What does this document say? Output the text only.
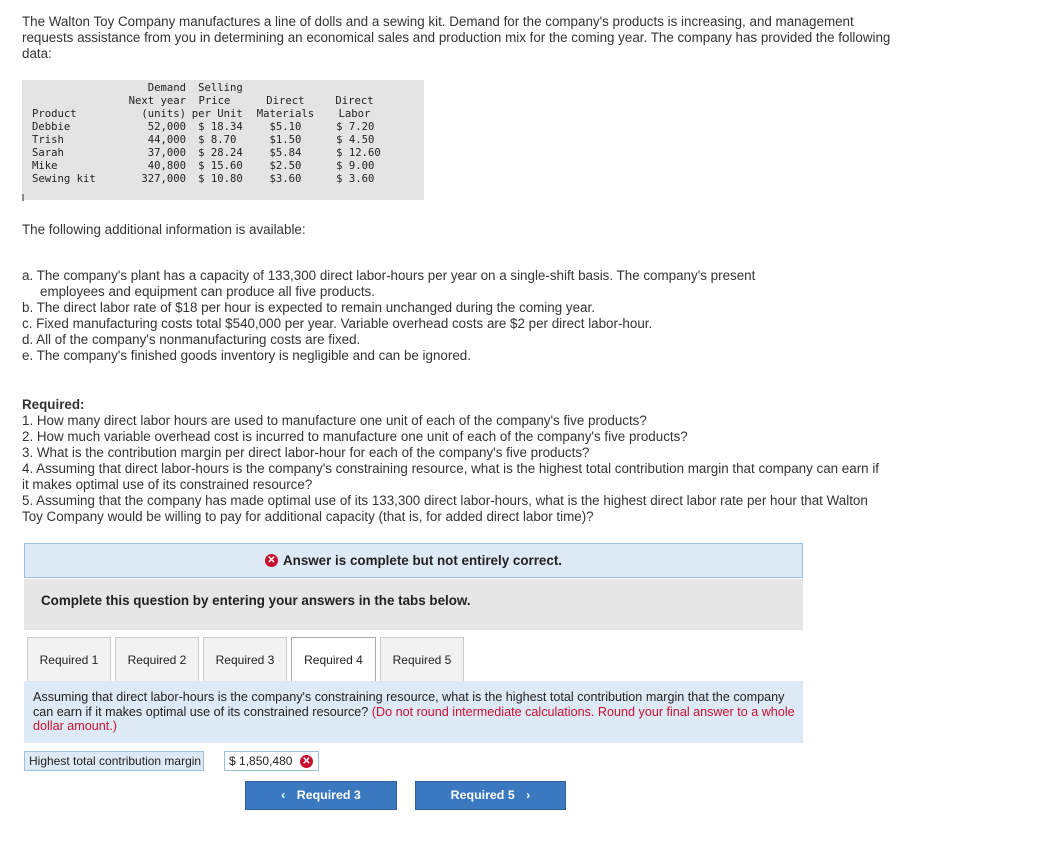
The Walton Toy Company manufactures a line of dolls and a sewing kit. Demand for the company's products is increasing, and management requests assistance from you in determining an economical sales and production mix for the coming year. The company has provided the following data:
	Demand	Selling		
	Next year	Price	Direct	Direct
Product	(units)	per Unit	Materials	Labor
Debbie	52,000	$ 18.34	$5.10	$ 7.20
Trish	44,000	$ 8.70	$1.50	$ 4.50
Sarah	37,000	$ 28.24	$5.84	$ 12.60
Mike	40,800	$ 15.60	$2.50	$ 9.00
Sewing kit	327,000	$ 10.80	$3.60	$ 3.60
The following additional information is available:
a. The company's plant has a capacity of 133,300 direct labor-hours per year on a single-shift basis. The company's present
employees and equipment can produce all five products.
b. The direct labor rate of $18 per hour is expected to remain unchanged during the coming year.
c. Fixed manufacturing costs total $540,000 per year. Variable overhead costs are $2 per direct labor-hour.
d. All of the company's nonmanufacturing costs are fixed.
e. The company's finished goods inventory is negligible and can be ignored.
Required:
1. How many direct labor hours are used to manufacture one unit of each of the company's five products?
2. How much variable overhead cost is incurred to manufacture one unit of each of the company's five products?
3. What is the contribution margin per direct labor-hour for each of the company's five products?
4. Assuming that direct labor-hours is the company's constraining resource, what is the highest total contribution margin that company can earn if it makes optimal use of its constrained resource?
5. Assuming that the company has made optimal use of its 133,300 direct labor-hours, what is the highest direct labor rate per hour that Walton Toy Company would be willing to pay for additional capacity (that is, for added direct labor time)?
✕ Answer is complete but not entirely correct.
Complete this question by entering your answers in the tabs below.
Required 1	Required 2	Required 3	Required 4	Required 5
Assuming that direct labor-hours is the company's constraining resource, what is the highest total contribution margin that the company can earn if it makes optimal use of its constrained resource? (Do not round intermediate calculations. Round your final answer to a whole dollar amount.)
Highest total contribution margin	$ 1,850,480 ✕
‹ Required 3	Required 5 ›
